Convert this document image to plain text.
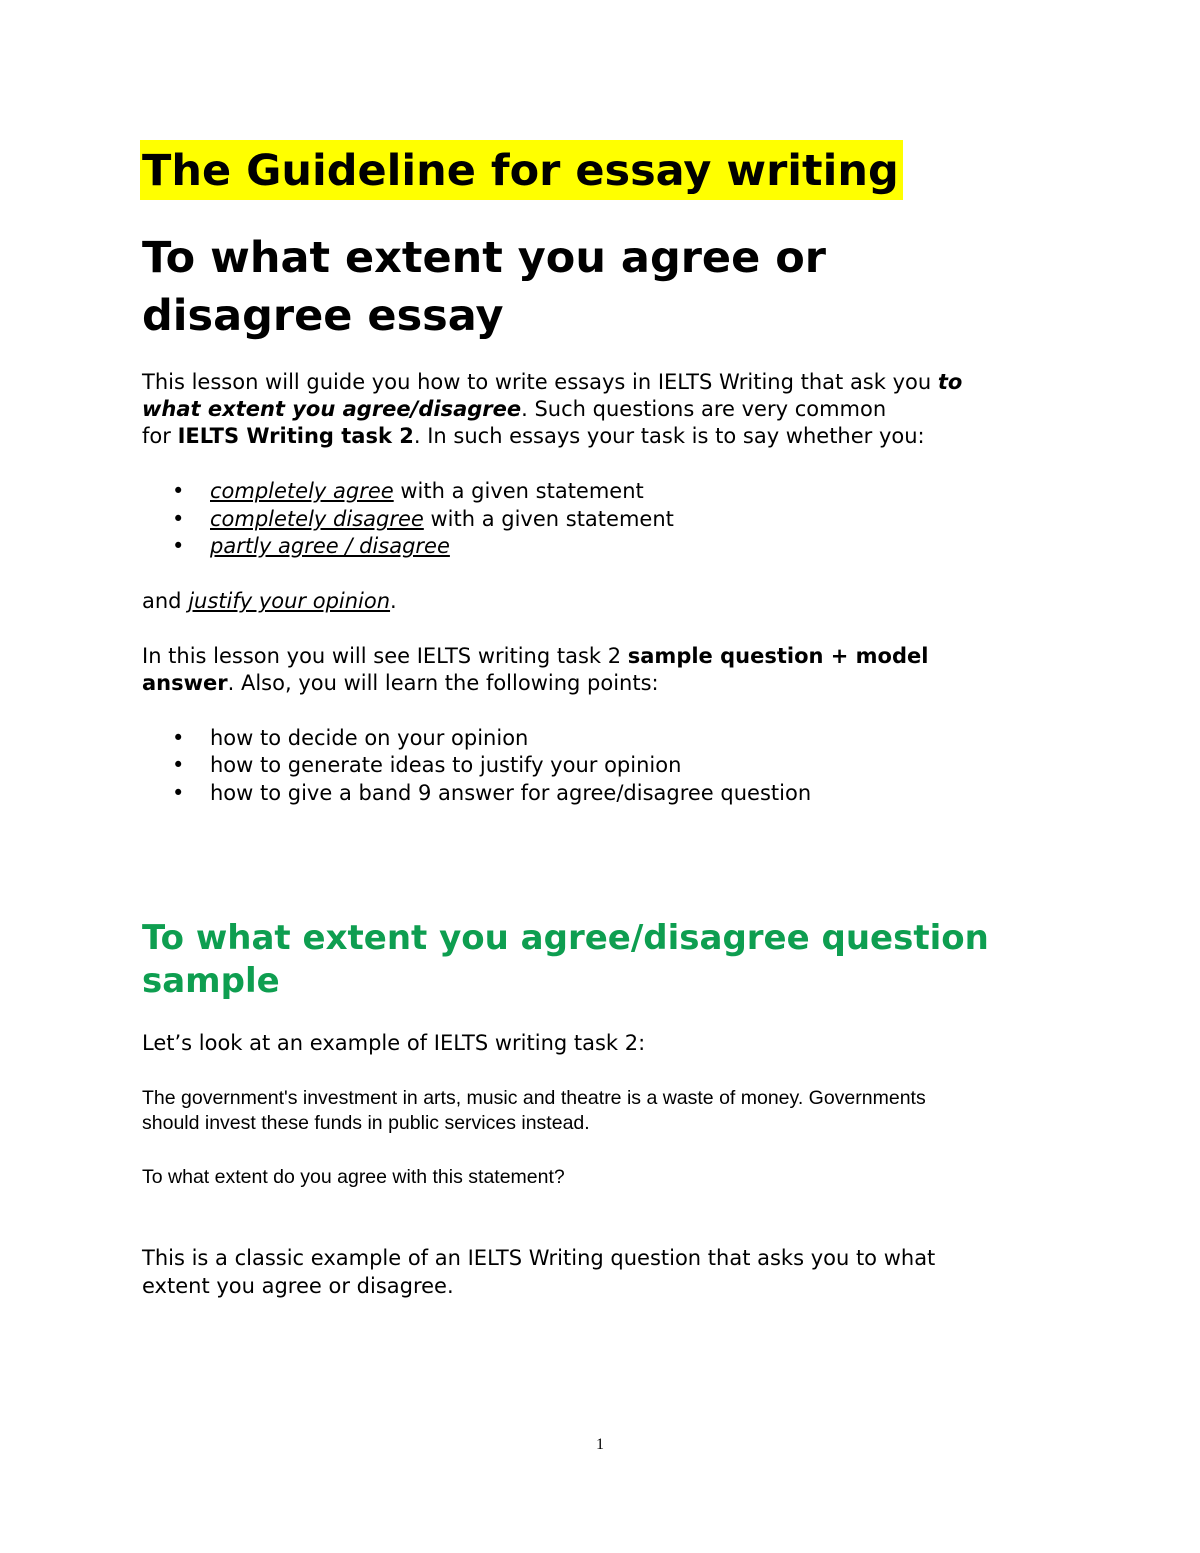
The Guideline for essay writing
To what extent you agree or
disagree essay
This lesson will guide you how to write essays in IELTS Writing that ask you to
what extent you agree/disagree. Such questions are very common
for IELTS Writing task 2. In such essays your task is to say whether you:
• completely agree with a given statement
• completely disagree with a given statement
• partly agree / disagree
and justify your opinion.
In this lesson you will see IELTS writing task 2 sample question + model
answer. Also, you will learn the following points:
• how to decide on your opinion
• how to generate ideas to justify your opinion
• how to give a band 9 answer for agree/disagree question
To what extent you agree/disagree question
sample
Let’s look at an example of IELTS writing task 2:
The government's investment in arts, music and theatre is a waste of money. Governments
should invest these funds in public services instead.
To what extent do you agree with this statement?
This is a classic example of an IELTS Writing question that asks you to what
extent you agree or disagree.
1
